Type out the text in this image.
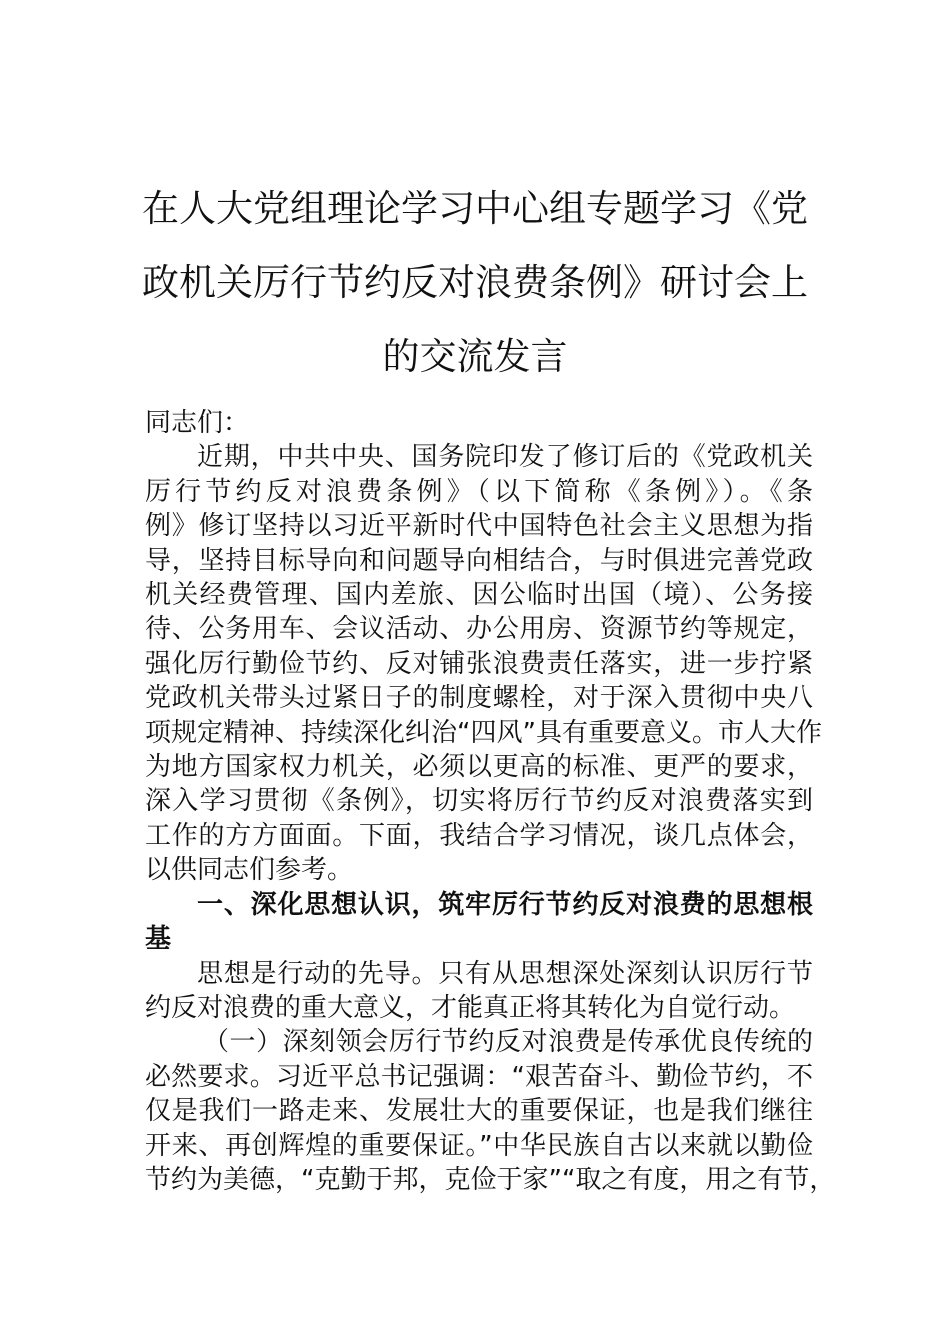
在人大党组理论学习中心组专题学习《党
政机关厉行节约反对浪费条例》研讨会上
的交流发言

同志们：

近期，中共中央、国务院印发了修订后的《党政机关

厉行节约反对浪费条例》（以下简称《条例》）。《条

例》修订坚持以习近平新时代中国特色社会主义思想为指

导，坚持目标导向和问题导向相结合，与时俱进完善党政

机关经费管理、国内差旅、因公临时出国（境）、公务接

待、公务用车、会议活动、办公用房、资源节约等规定，

强化厉行勤俭节约、反对铺张浪费责任落实，进一步拧紧

党政机关带头过紧日子的制度螺栓，对于深入贯彻中央八

项规定精神、持续深化纠治“四风”具有重要意义。市人大作

为地方国家权力机关，必须以更高的标准、更严的要求，

深入学习贯彻《条例》，切实将厉行节约反对浪费落实到

工作的方方面面。下面，我结合学习情况，谈几点体会，

以供同志们参考。

一、深化思想认识，筑牢厉行节约反对浪费的思想根

基

思想是行动的先导。只有从思想深处深刻认识厉行节

约反对浪费的重大意义，才能真正将其转化为自觉行动。

（一）深刻领会厉行节约反对浪费是传承优良传统的

必然要求。习近平总书记强调：“艰苦奋斗、勤俭节约，不

仅是我们一路走来、发展壮大的重要保证，也是我们继往

开来、再创辉煌的重要保证。”中华民族自古以来就以勤俭

节约为美德，“克勤于邦，克俭于家”“取之有度，用之有节，
